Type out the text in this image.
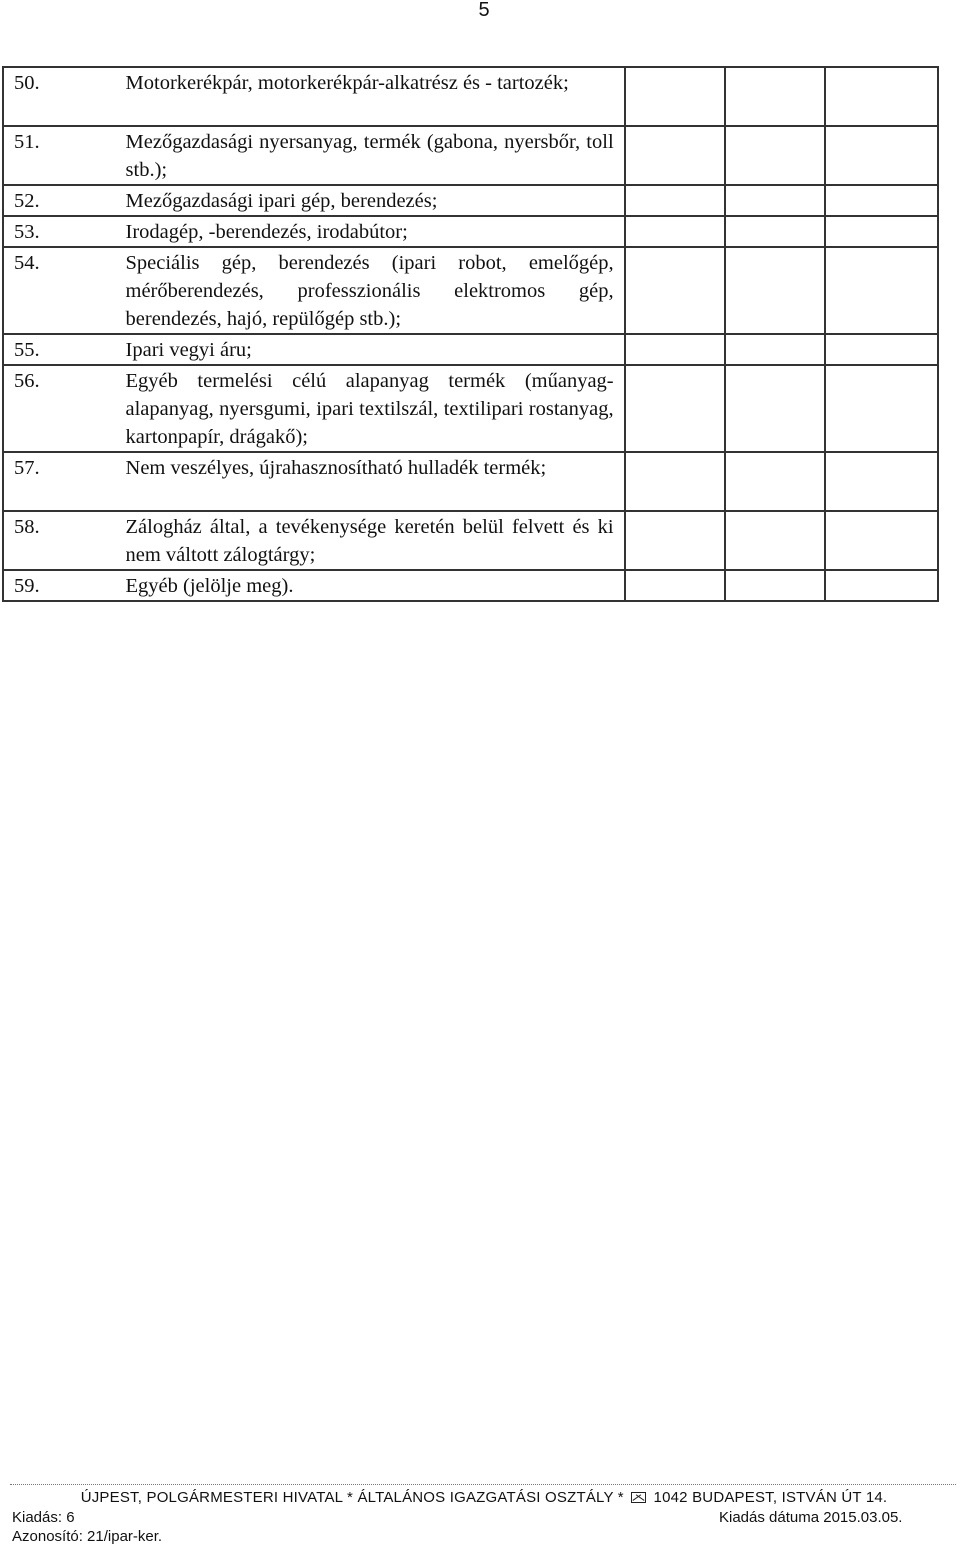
5
50.	Motorkerékpár, motorkerékpár-alkatrész és - tartozék;			
51.	Mezőgazdasági nyersanyag, termék (gabona, nyersbőr, toll stb.);			
52.	Mezőgazdasági ipari gép, berendezés;			
53.	Irodagép, -berendezés, irodabútor;			
54.	Speciális gép, berendezés (ipari robot, emelőgép, mérőberendezés, professzionális elektromos gép, berendezés, hajó, repülőgép stb.);			
55.	Ipari vegyi áru;			
56.	Egyéb termelési célú alapanyag termék (műanyag-alapanyag, nyersgumi, ipari textilszál, textilipari rostanyag, kartonpapír, drágakő);			
57.	Nem veszélyes, újrahasznosítható hulladék termék;			
58.	Zálogház által, a tevékenysége keretén belül felvett és ki nem váltott zálogtárgy;			
59.	Egyéb (jelölje meg).			
ÚJPEST, POLGÁRMESTERI HIVATAL * ÁLTALÁNOS IGAZGATÁSI OSZTÁLY * 1042 BUDAPEST, ISTVÁN ÚT 14.
Kiadás: 6	Kiadás dátuma 2015.03.05.
Azonosító: 21/ipar-ker.
